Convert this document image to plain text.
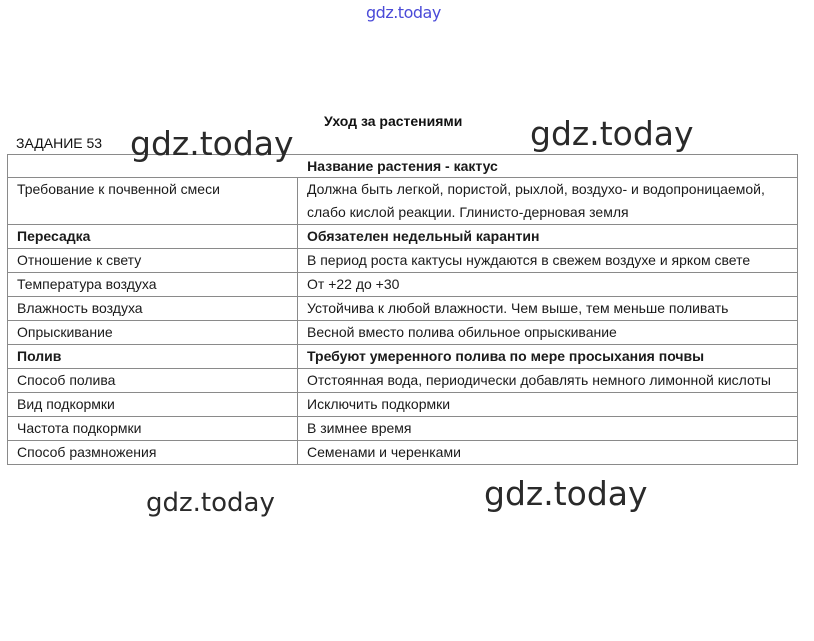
gdz.today
Уход за растениями
ЗАДАНИЕ 53
Название растения - кактус	
Требование к почвенной смеси	Должна быть легкой, пористой, рыхлой, воздухо- и водопроницаемой, слабо кислой реакции. Глинисто-дерновая земля
Пересадка	Обязателен недельный карантин
Отношение к свету	В период роста кактусы нуждаются в свежем воздухе и ярком свете
Температура воздуха	От +22 до +30
Влажность воздуха	Устойчива к любой влажности. Чем выше, тем меньше поливать
Опрыскивание	Весной вместо полива обильное опрыскивание
Полив	Требуют умеренного полива по мере просыхания почвы
Способ полива	Отстоянная вода, периодически добавлять немного лимонной кислоты
Вид подкормки	Исключить подкормки
Частота подкормки	В зимнее время
Способ размножения	Семенами и черенками
gdz.today	gdz.today
gdz.today	gdz.today
